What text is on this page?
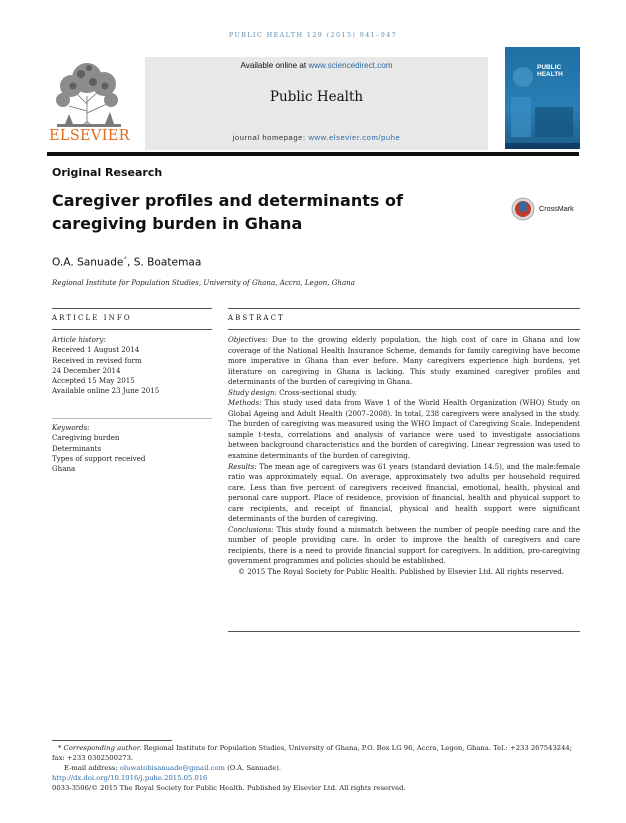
PUBLIC HEALTH 129 (2015) 941–947
ELSEVIER
Available online at www.sciencedirect.com
Public Health
journal homepage: www.elsevier.com/puhe
PUBLIC
HEALTH
Original Research
Caregiver profiles and determinants of caregiving burden in Ghana
CrossMark
O.A. Sanuade*, S. Boatemaa
Regional Institute for Population Studies, University of Ghana, Accra, Legon, Ghana
ARTICLE INFO	ABSTRACT
Article history:
Received 1 August 2014
Received in revised form
24 December 2014
Accepted 15 May 2015
Available online 23 June 2015
Keywords:
Caregiving burden
Determinants
Types of support received
Ghana

Objectives: Due to the growing elderly population, the high cost of care in Ghana and low coverage of the National Health Insurance Scheme, demands for family caregiving have become more imperative in Ghana than ever before. Many caregivers experience high burdens, yet literature on caregiving in Ghana is lacking. This study examined caregiver profiles and determinants of the burden of caregiving in Ghana.

Study design: Cross-sectional study.

Methods: This study used data from Wave 1 of the World Health Organization (WHO) Study on Global Ageing and Adult Health (2007–2008). In total, 238 caregivers were analysed in the study. The burden of caregiving was measured using the WHO Impact of Caregiving Scale. Independent sample t-tests, correlations and analysis of variance were used to investigate associations between background characteristics and the burden of caregiving. Linear regression was used to examine determinants of the burden of caregiving.

Results: The mean age of caregivers was 61 years (standard deviation 14.5), and the male:female ratio was approximately equal. On average, approximately two adults per household required care. Less than five percent of caregivers received financial, emotional, health, physical and personal care support. Place of residence, provision of financial, health and physical support to care recipients, and receipt of financial, physical and health support were significant determinants of the burden of caregiving.

Conclusions: This study found a mismatch between the number of people needing care and the number of people providing care. In order to improve the health of caregivers and care recipients, there is a need to provide financial support for caregivers. In addition, pro-caregiving government programmes and policies should be established.

© 2015 The Royal Society for Public Health. Published by Elsevier Ltd. All rights reserved.

* Corresponding author. Regional Institute for Population Studies, University of Ghana, P.O. Box LG 96, Accra, Legon, Ghana. Tel.: +233 267543244; fax: +233 0302500273.

E-mail address: oluwatobisanuade@gmail.com (O.A. Sanuade).

http://dx.doi.org/10.1016/j.puhe.2015.05.016

0033-3506/© 2015 The Royal Society for Public Health. Published by Elsevier Ltd. All rights reserved.
